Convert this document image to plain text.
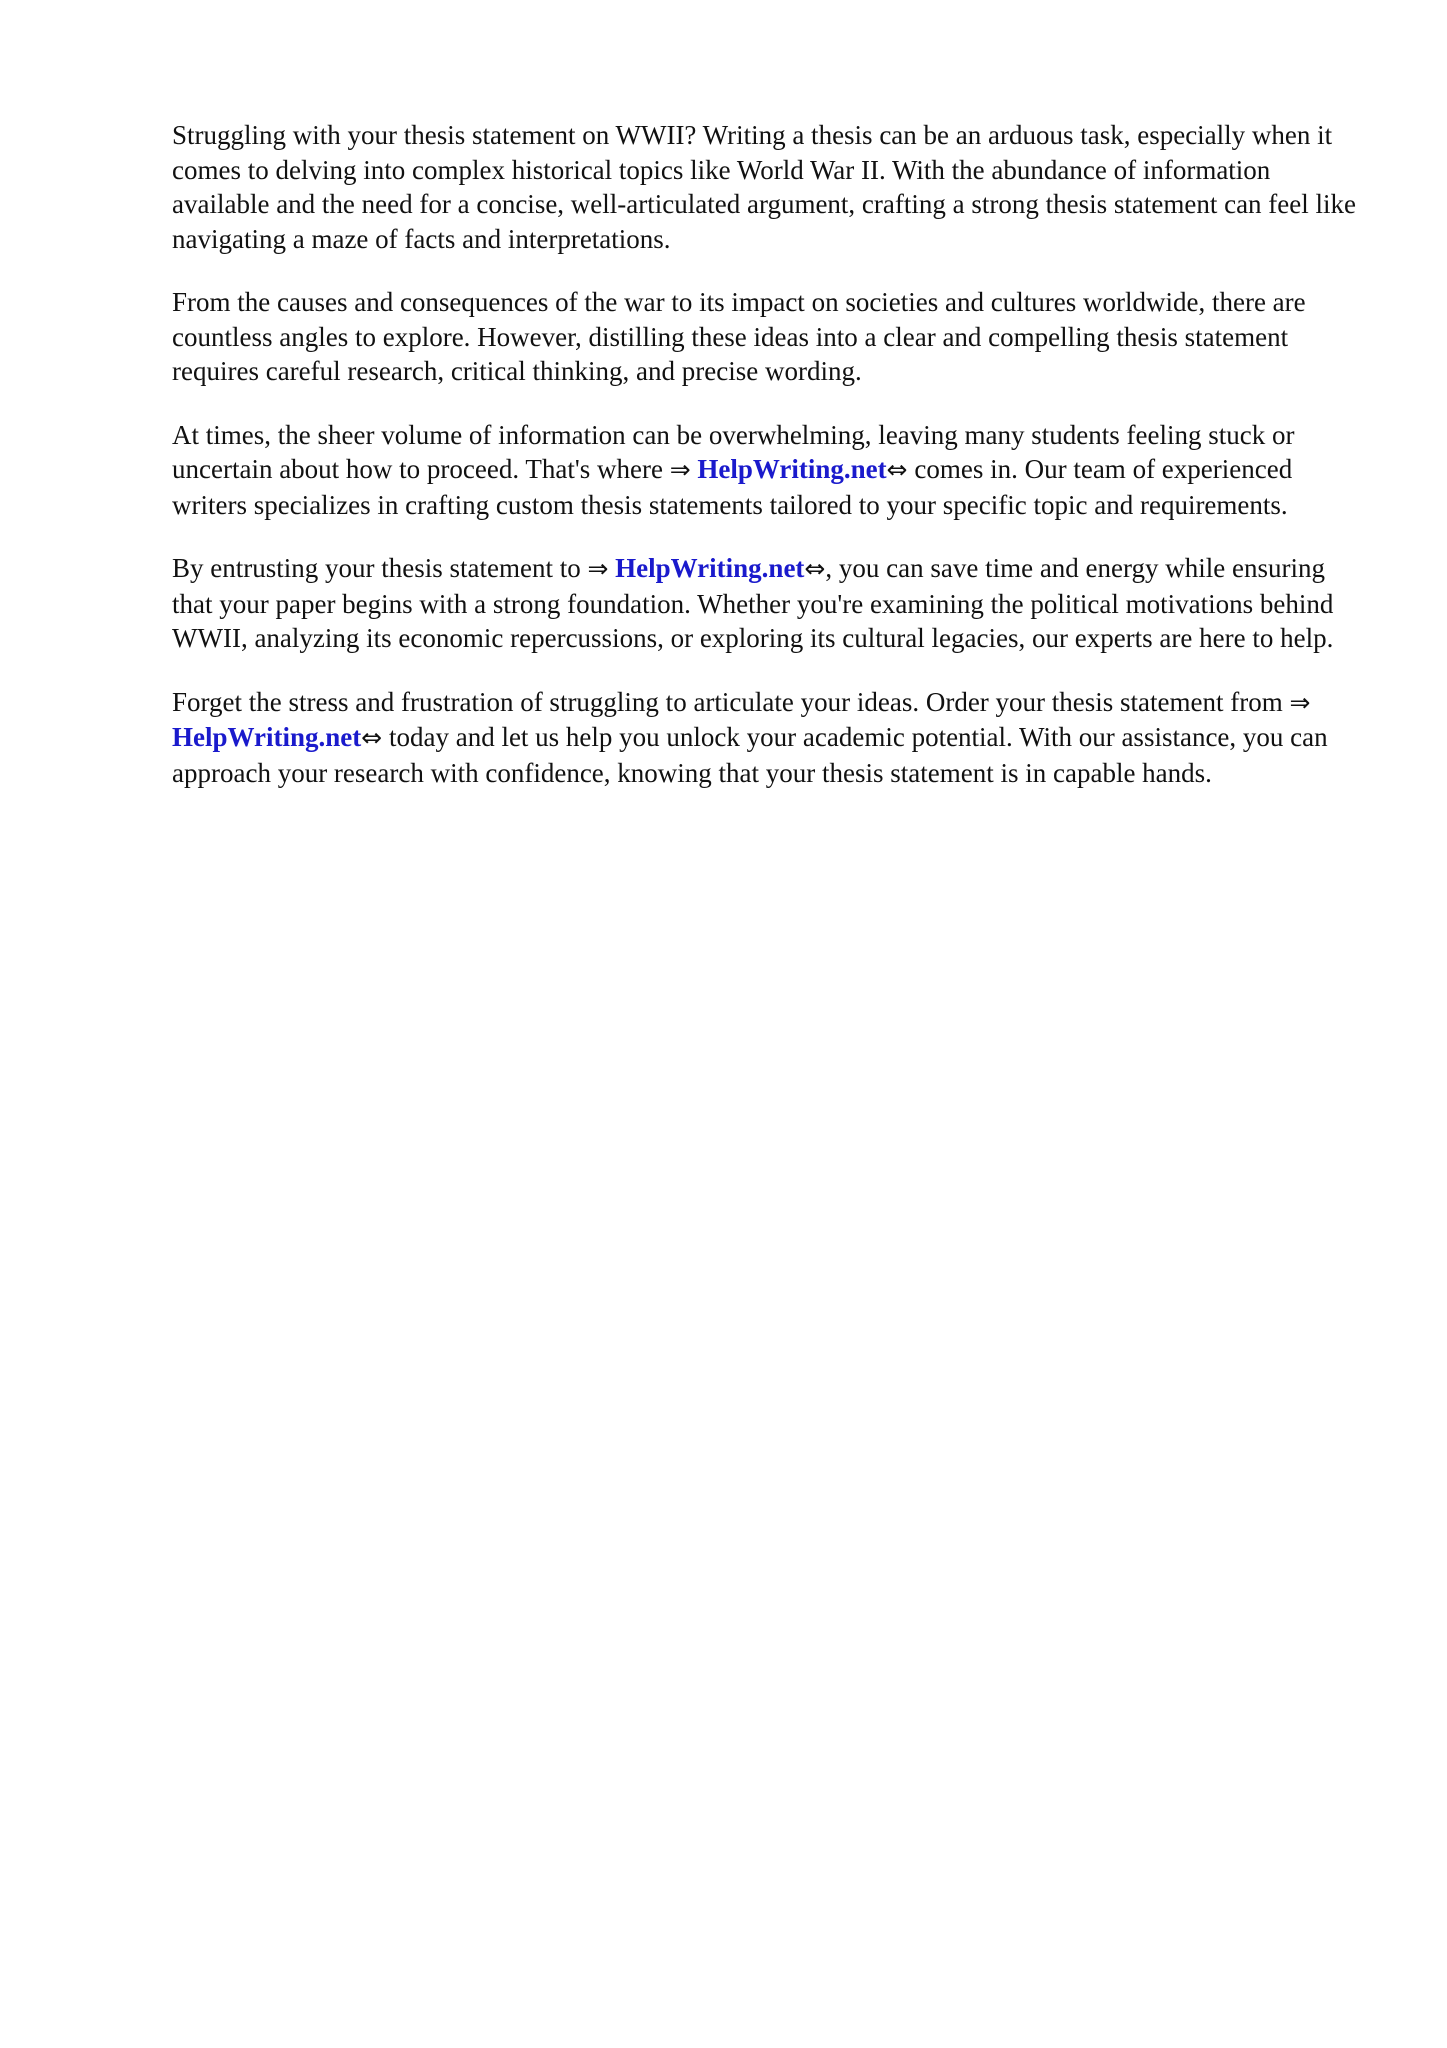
Struggling with your thesis statement on WWII? Writing a thesis can be an arduous task, especially when it comes to delving into complex historical topics like World War II. With the abundance of information available and the need for a concise, well-articulated argument, crafting a strong thesis statement can feel like navigating a maze of facts and interpretations.

From the causes and consequences of the war to its impact on societies and cultures worldwide, there are countless angles to explore. However, distilling these ideas into a clear and compelling thesis statement requires careful research, critical thinking, and precise wording.

At times, the sheer volume of information can be overwhelming, leaving many students feeling stuck or uncertain about how to proceed. That's where ⇒ HelpWriting.net⇔ comes in. Our team of experienced writers specializes in crafting custom thesis statements tailored to your specific topic and requirements.

By entrusting your thesis statement to ⇒ HelpWriting.net⇔, you can save time and energy while ensuring that your paper begins with a strong foundation. Whether you're examining the political motivations behind WWII, analyzing its economic repercussions, or exploring its cultural legacies, our experts are here to help.

Forget the stress and frustration of struggling to articulate your ideas. Order your thesis statement from ⇒ HelpWriting.net⇔ today and let us help you unlock your academic potential. With our assistance, you can approach your research with confidence, knowing that your thesis statement is in capable hands.
